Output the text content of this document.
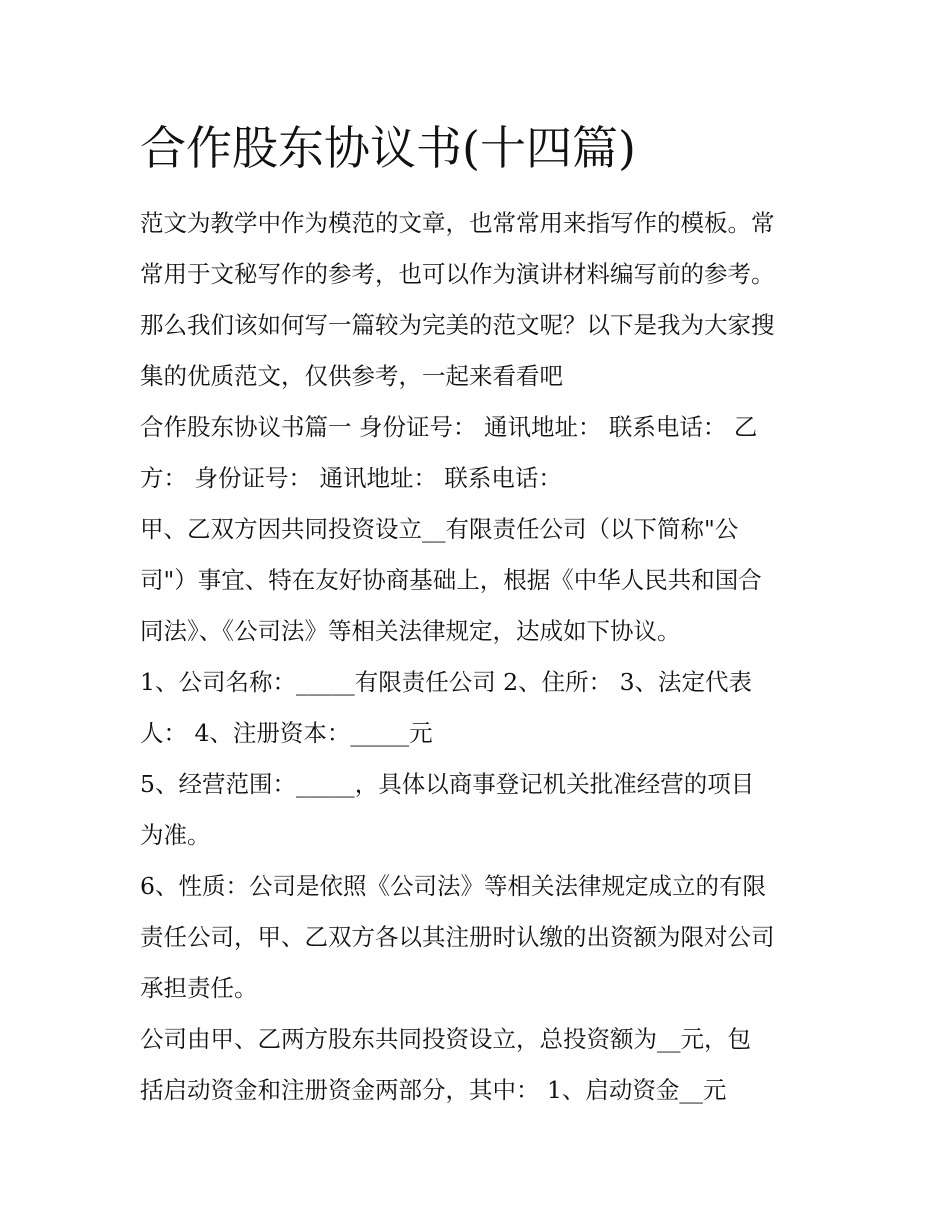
合作股东协议书(十四篇)

范文为教学中作为模范的文章，也常常用来指写作的模板。常

常用于文秘写作的参考，也可以作为演讲材料编写前的参考。

那么我们该如何写一篇较为完美的范文呢？以下是我为大家搜

集的优质范文，仅供参考，一起来看看吧

合作股东协议书篇一 身份证号： 通讯地址： 联系电话： 乙

方： 身份证号： 通讯地址： 联系电话：

甲、乙双方因共同投资设立__有限责任公司（以下简称"公

司"）事宜、特在友好协商基础上，根据《中华人民共和国合

同法》、《公司法》等相关法律规定，达成如下协议。

1、公司名称：_____有限责任公司 2、住所： 3、法定代表

人： 4、注册资本：_____元

5、经营范围：_____，具体以商事登记机关批准经营的项目

为准。

6、性质：公司是依照《公司法》等相关法律规定成立的有限

责任公司，甲、乙双方各以其注册时认缴的出资额为限对公司

承担责任。

公司由甲、乙两方股东共同投资设立，总投资额为__元，包

括启动资金和注册资金两部分，其中： 1、启动资金__元
